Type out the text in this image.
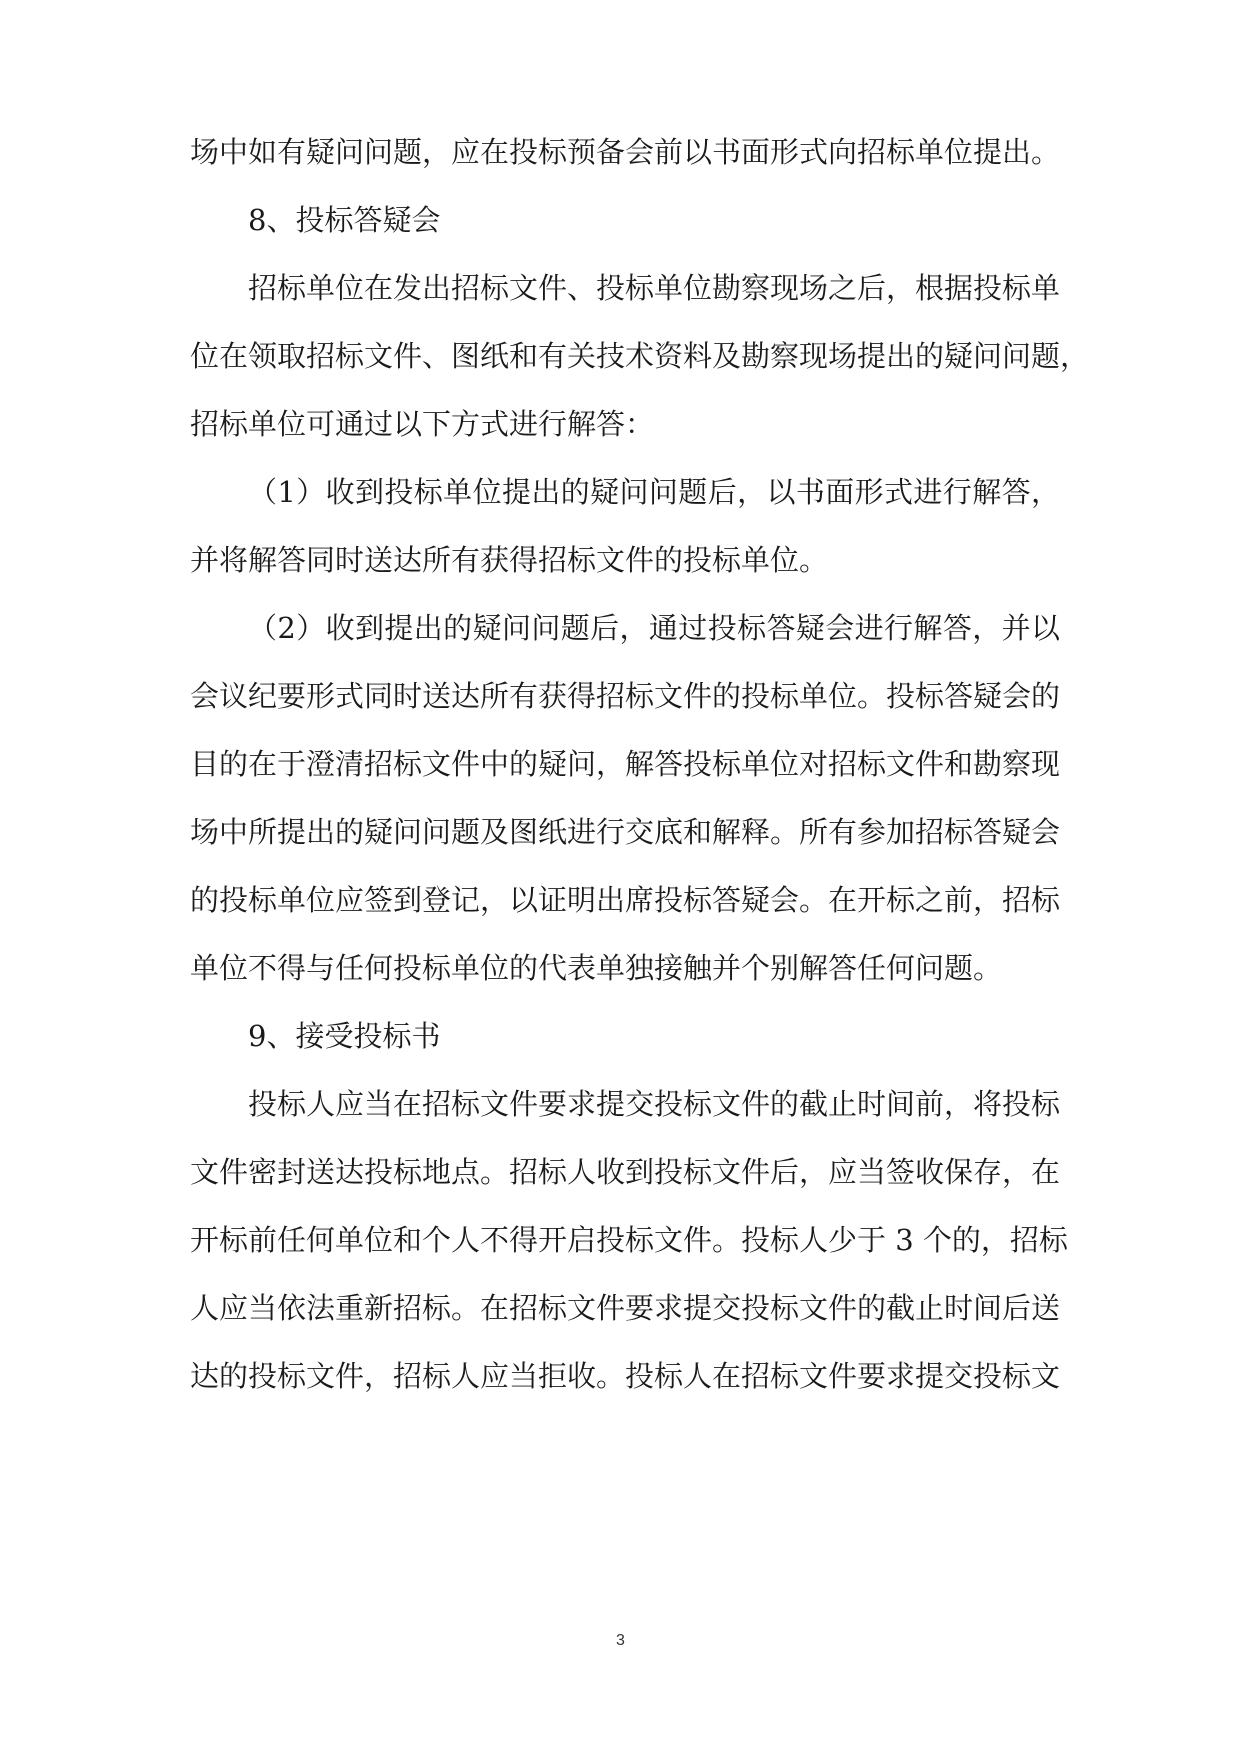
场中如有疑问问题，应在投标预备会前以书面形式向招标单位提出。
8、投标答疑会
招标单位在发出招标文件、投标单位勘察现场之后，根据投标单
位在领取招标文件、图纸和有关技术资料及勘察现场提出的疑问问题，
招标单位可通过以下方式进行解答：
（1）收到投标单位提出的疑问问题后，以书面形式进行解答，
并将解答同时送达所有获得招标文件的投标单位。
（2）收到提出的疑问问题后，通过投标答疑会进行解答，并以
会议纪要形式同时送达所有获得招标文件的投标单位。投标答疑会的
目的在于澄清招标文件中的疑问，解答投标单位对招标文件和勘察现
场中所提出的疑问问题及图纸进行交底和解释。所有参加招标答疑会
的投标单位应签到登记，以证明出席投标答疑会。在开标之前，招标
单位不得与任何投标单位的代表单独接触并个别解答任何问题。
9、接受投标书
投标人应当在招标文件要求提交投标文件的截止时间前，将投标
文件密封送达投标地点。招标人收到投标文件后，应当签收保存，在
开标前任何单位和个人不得开启投标文件。投标人少于 3 个的，招标
人应当依法重新招标。在招标文件要求提交投标文件的截止时间后送
达的投标文件，招标人应当拒收。投标人在招标文件要求提交投标文
3
